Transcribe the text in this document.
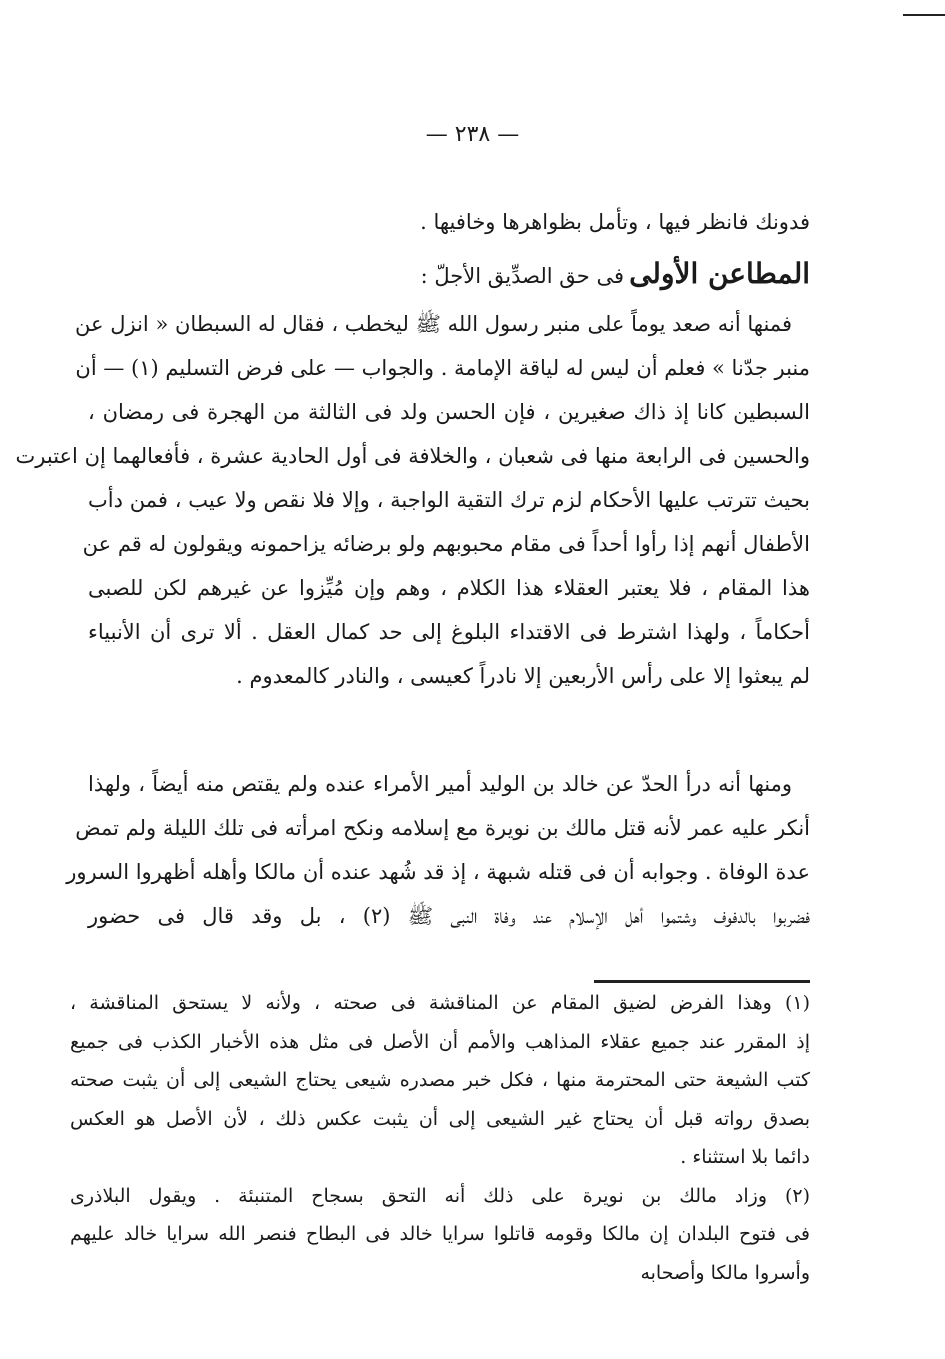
— ٢٣٨ —
فدونك فانظر فيها ، وتأمل بظواهرها وخافيها .
المطاعن الأولى فى حق الصدِّيق الأجلّ :
فمنها أنه صعد يوماً على منبر رسول الله ﷺ ليخطب ، فقال له السبطان « انزل عن
منبر جدّنا » فعلم أن ليس له لياقة الإمامة . والجواب — على فرض التسليم (١) — أن
السبطين كانا إذ ذاك صغيرين ، فإن الحسن ولد فى الثالثة من الهجرة فى رمضان ،
والحسين فى الرابعة منها فى شعبان ، والخلافة فى أول الحادية عشرة ، فأفعالهما إن اعتبرت
بحيث تترتب عليها الأحكام لزم ترك التقية الواجبة ، وإلا فلا نقص ولا عيب ، فمن دأب
الأطفال أنهم إذا رأوا أحداً فى مقام محبوبهم ولو برضائه يزاحمونه ويقولون له قم عن
هذا المقام ، فلا يعتبر العقلاء هذا الكلام ، وهم وإن مُيِّزوا عن غيرهم لكن للصبى
أحكاماً ، ولهذا اشترط فى الاقتداء البلوغ إلى حد كمال العقل . ألا ترى أن الأنبياء
لم يبعثوا إلا على رأس الأربعين إلا نادراً كعيسى ، والنادر كالمعدوم .
ومنها أنه درأ الحدّ عن خالد بن الوليد أمير الأمراء عنده ولم يقتص منه أيضاً ، ولهذا
أنكر عليه عمر لأنه قتل مالك بن نويرة مع إسلامه ونكح امرأته فى تلك الليلة ولم تمض
عدة الوفاة . وجوابه أن فى قتله شبهة ، إذ قد شُهد عنده أن مالكا وأهله أظهروا السرور
فضربوا بالدفوف وشتموا أهل الإسلام عند وفاة النبى ﷺ (٢) ، بل وقد قال فى حضور
(١) وهذا الفرض لضيق المقام عن المناقشة فى صحته ، ولأنه لا يستحق المناقشة ،
إذ المقرر عند جميع عقلاء المذاهب والأمم أن الأصل فى مثل هذه الأخبار الكذب فى جميع
كتب الشيعة حتى المحترمة منها ، فكل خبر مصدره شيعى يحتاج الشيعى إلى أن يثبت صحته
بصدق رواته قبل أن يحتاج غير الشيعى إلى أن يثبت عكس ذلك ، لأن الأصل هو العكس
دائما بلا استثناء .
(٢) وزاد مالك بن نويرة على ذلك أنه التحق بسجاح المتنبئة . ويقول البلاذرى
فى فتوح البلدان إن مالكا وقومه قاتلوا سرايا خالد فى البطاح فنصر الله سرايا خالد عليهم
وأسروا مالكا وأصحابه
